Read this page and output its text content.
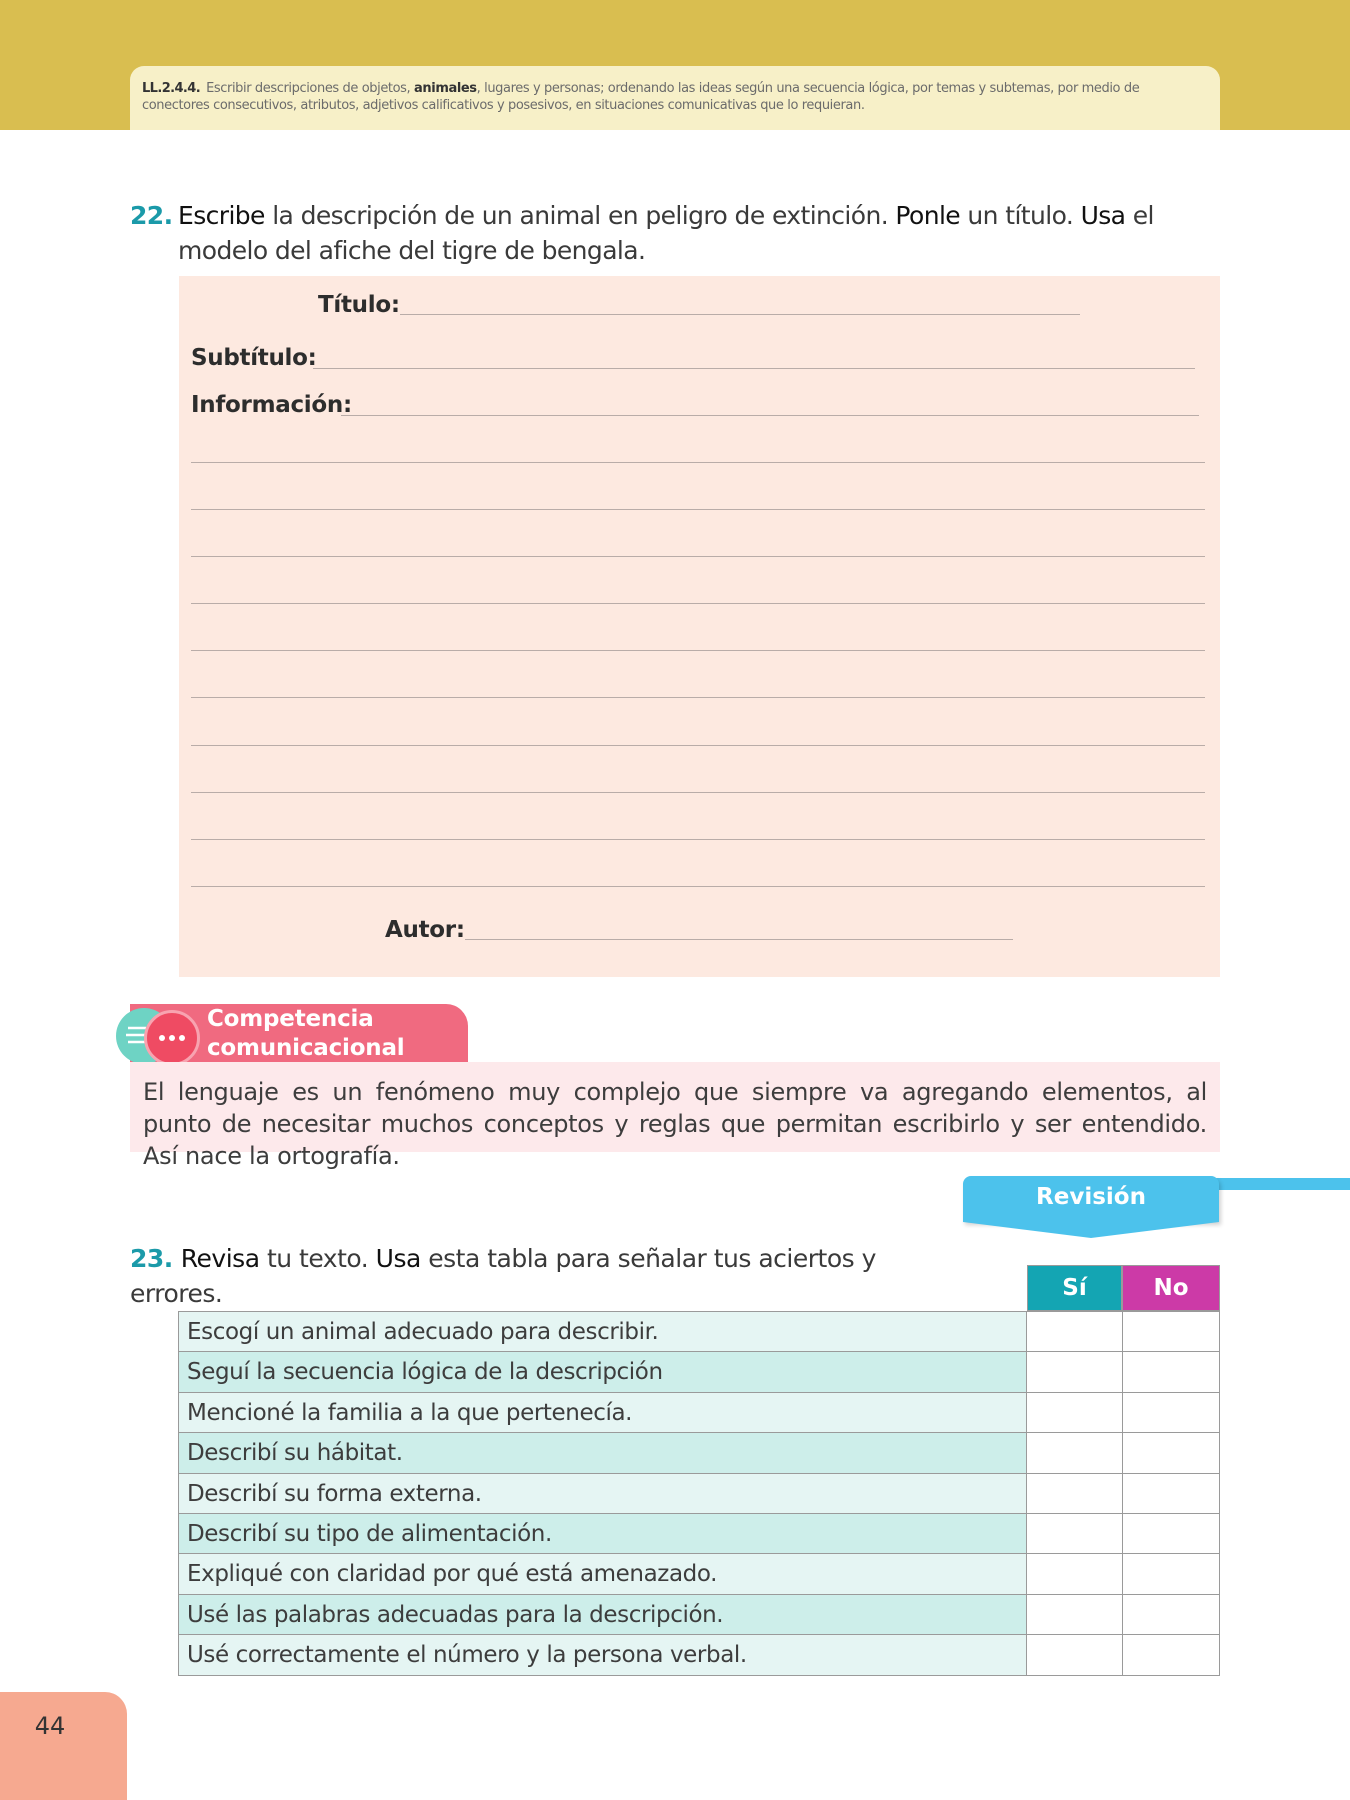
LL.2.4.4. Escribir descripciones de objetos, animales, lugares y personas; ordenando las ideas según una secuencia lógica, por temas y subtemas, por medio de conectores consecutivos, atributos, adjetivos calificativos y posesivos, en situaciones comunicativas que lo requieran.
22. Escribe la descripción de un animal en peligro de extinción. Ponle un título. Usa el modelo del afiche del tigre de bengala.
Título:
Subtítulo:
Información:
Autor:
Competencia
comunicacional
El lenguaje es un fenómeno muy complejo que siempre va agregando elementos, al punto de necesitar muchos conceptos y reglas que permitan escribirlo y ser entendido. Así nace la ortografía.
Revisión
23. Revisa tu texto. Usa esta tabla para señalar tus aciertos y errores.	Sí	No
Escogí un animal adecuado para describir.
Seguí la secuencia lógica de la descripción
Mencioné la familia a la que pertenecía.
Describí su hábitat.
Describí su forma externa.
Describí su tipo de alimentación.
Expliqué con claridad por qué está amenazado.
Usé las palabras adecuadas para la descripción.
Usé correctamente el número y la persona verbal.
44
